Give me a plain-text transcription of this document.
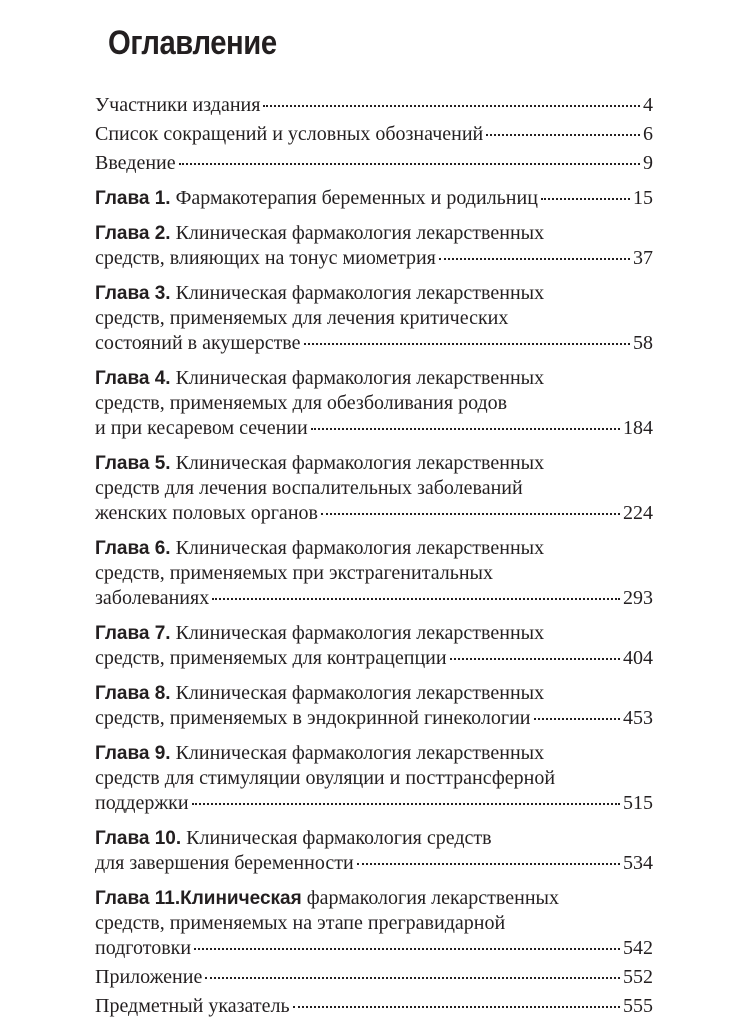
Оглавление
Участники издания	4
Список сокращений и условных обозначений	6
Введение	9
Глава 1. Фармакотерапия беременных и родильниц	15
Глава 2. Клиническая фармакология лекарственных
средств, влияющих на тонус миометрия	37
Глава 3. Клиническая фармакология лекарственных
средств, применяемых для лечения критических
состояний в акушерстве	58
Глава 4. Клиническая фармакология лекарственных
средств, применяемых для обезболивания родов
и при кесаревом сечении	184
Глава 5. Клиническая фармакология лекарственных
средств для лечения воспалительных заболеваний
женских половых органов	224
Глава 6. Клиническая фармакология лекарственных
средств, применяемых при экстрагенитальных
заболеваниях	293
Глава 7. Клиническая фармакология лекарственных
средств, применяемых для контрацепции	404
Глава 8. Клиническая фармакология лекарственных
средств, применяемых в эндокринной гинекологии	453
Глава 9. Клиническая фармакология лекарственных
средств для стимуляции овуляции и посттрансферной
поддержки	515
Глава 10. Клиническая фармакология средств
для завершения беременности	534
Глава 11.Клиническая фармакология лекарственных
средств, применяемых на этапе прегравидарной
подготовки	542
Приложение	552
Предметный указатель	555
